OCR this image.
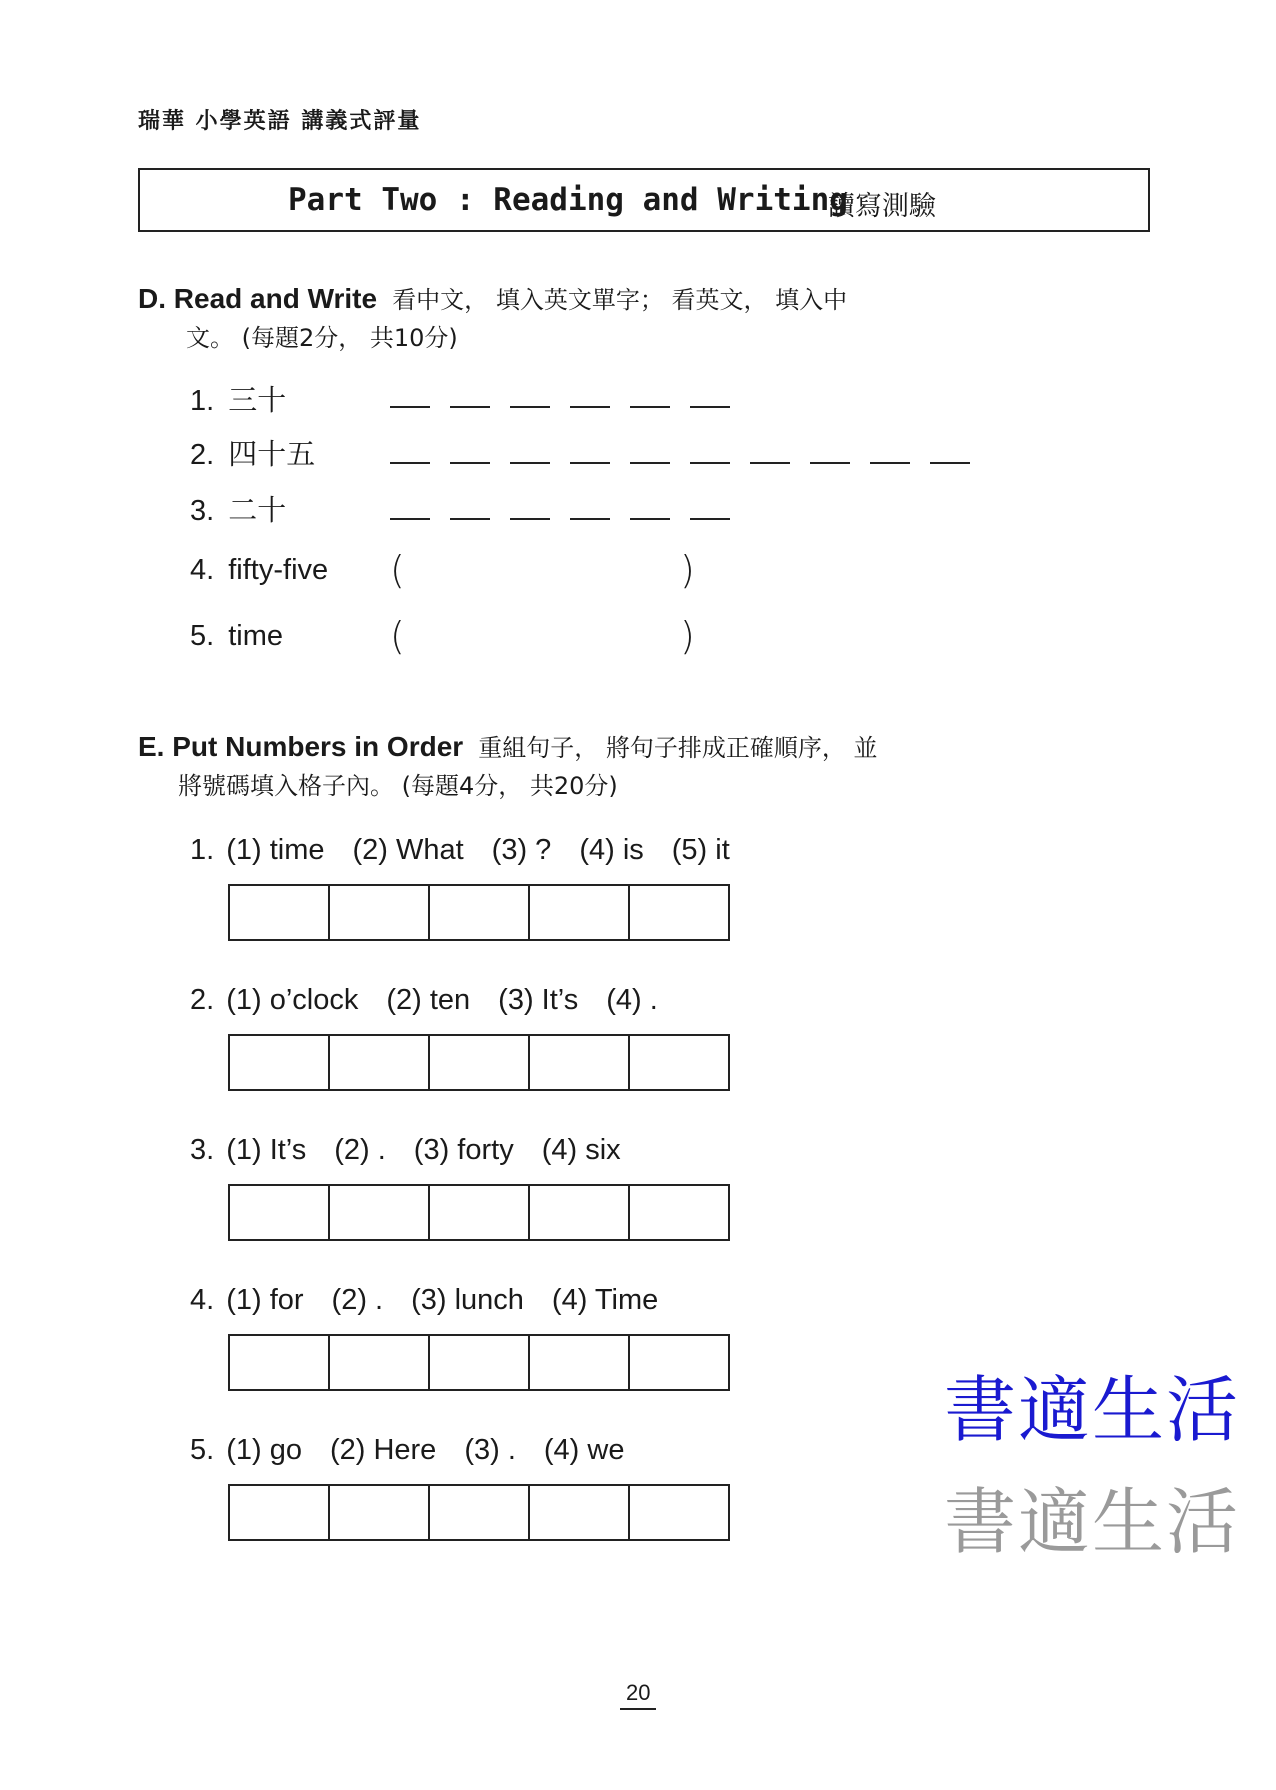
瑞華 小學英語 講義式評量
Part Two : Reading and Writing
讀寫測驗
D. Read and Write 看中文， 填入英文單字； 看英文， 填入中
文。 (每題2分， 共10分)
1. 三十
2. 四十五
3. 二十
4. fifty-five (	)
5. time	(	)
E. Put Numbers in Order 重組句子， 將句子排成正確順序， 並
將號碼填入格子內。 (每題4分， 共20分)
1. (1) time (2) What (3) ? (4) is (5) it
2. (1) o’clock (2) ten (3) It’s (4) .
3. (1) It’s (2) . (3) forty (4) six
4. (1) for (2) . (3) lunch (4) Time
5. (1) go (2) Here (3) . (4) we	書適生活
書適生活
20
